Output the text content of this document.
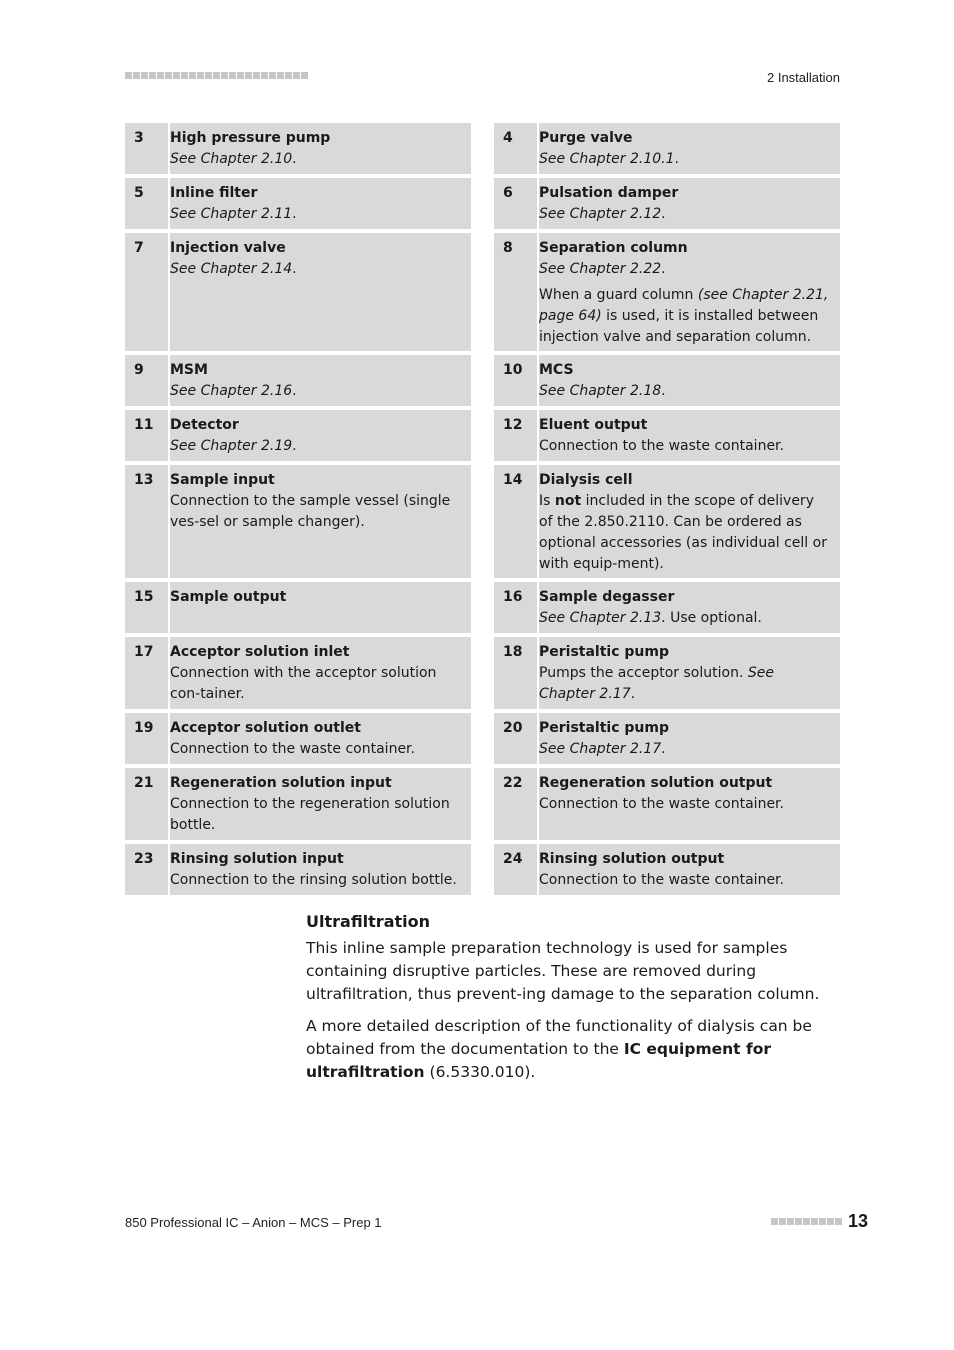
2 Installation
3 High pressure pump

See Chapter 2.10.

5 Inline filter

See Chapter 2.11.

7 Injection valve

See Chapter 2.14.

9 MSM

See Chapter 2.16.

11 Detector

See Chapter 2.19.

13 Sample input

Connection to the sample vessel (single ves-sel or sample changer).

15 Sample output
17 Acceptor solution inlet

Connection with the acceptor solution con-tainer.

19 Acceptor solution outlet

Connection to the waste container.

21 Regeneration solution input

Connection to the regeneration solution bottle.

23 Rinsing solution input

Connection to the rinsing solution bottle.

4 Purge valve

See Chapter 2.10.1.

6 Pulsation damper

See Chapter 2.12.

8 Separation column

See Chapter 2.22.

When a guard column (see Chapter 2.21, page 64) is used, it is installed between injection valve and separation column.

10 MCS

See Chapter 2.18.

12 Eluent output

Connection to the waste container.

14 Dialysis cell

Is not included in the scope of delivery of the 2.850.2110. Can be ordered as optional accessories (as individual cell or with equip-ment).

16 Sample degasser

See Chapter 2.13. Use optional.

18 Peristaltic pump

Pumps the acceptor solution. See Chapter 2.17.

20 Peristaltic pump

See Chapter 2.17.

22 Regeneration solution output

Connection to the waste container.

24 Rinsing solution output

Connection to the waste container.

Ultrafiltration

This inline sample preparation technology is used for samples containing disruptive particles. These are removed during ultrafiltration, thus prevent-ing damage to the separation column.

A more detailed description of the functionality of dialysis can be obtained from the documentation to the IC equipment for ultrafiltration (6.5330.010).

850 Professional IC – Anion – MCS – Prep 1	13
